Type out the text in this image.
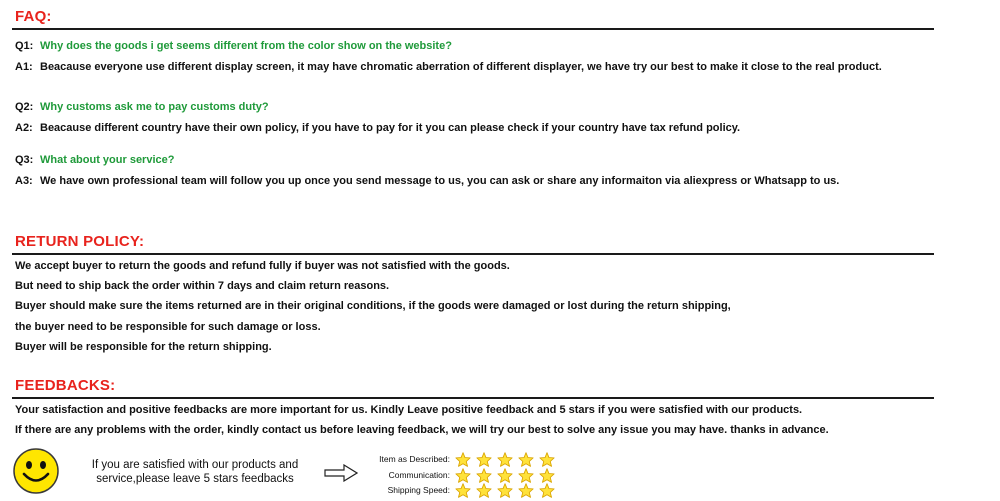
FAQ:
Q1: Why does the goods i get seems different from the color show on the website?
A1: Beacause everyone use different display screen, it may have chromatic aberration of different displayer, we have try our best to make it close to the real product.
Q2: Why customs ask me to pay customs duty?
A2: Beacause different country have their own policy, if you have to pay for it you can please check if your country have tax refund policy.
Q3: What about your service?
A3: We have own professional team will follow you up once you send message to us, you can ask or share any informaiton via aliexpress or Whatsapp to us.
RETURN POLICY:
We accept buyer to return the goods and refund fully if buyer was not satisfied with the goods.
But need to ship back the order within 7 days and claim return reasons.
Buyer should make sure the items returned are in their original conditions, if the goods were damaged or lost during the return shipping,
the buyer need to be responsible for such damage or loss.
Buyer will be responsible for the return shipping.
FEEDBACKS:
Your satisfaction and positive feedbacks are more important for us. Kindly Leave positive feedback and 5 stars if you were satisfied with our products.
If there are any problems with the order, kindly contact us before leaving feedback, we will try our best to solve any issue you may have. thanks in advance.
If you are satisfied with our products and
service,please leave 5 stars feedbacks
Item as Described:
Communication:
Shipping Speed:
